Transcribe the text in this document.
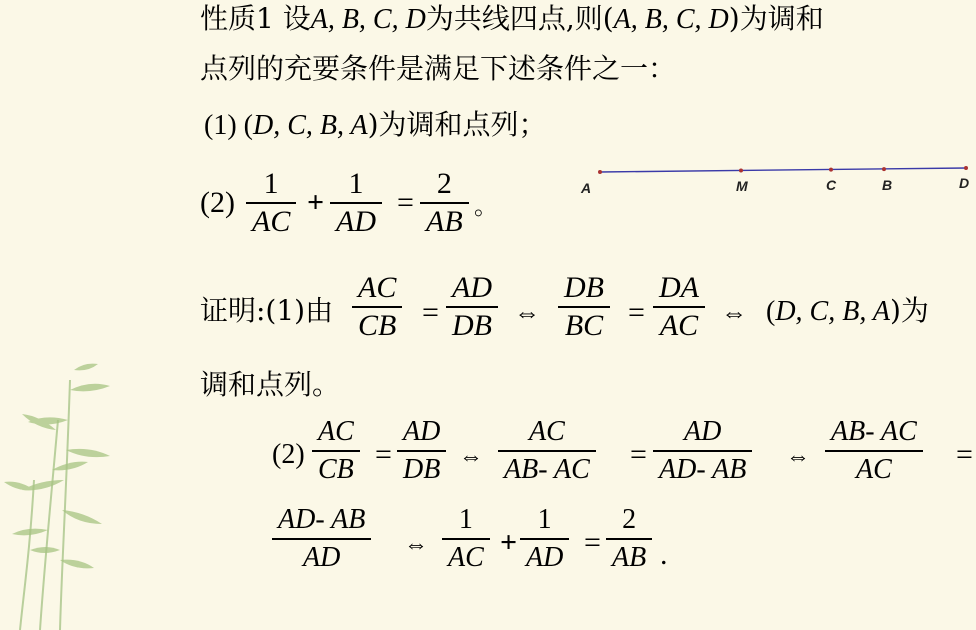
性质1 设A, B, C, D为共线四点,则(A, B, C, D)为调和
点列的充要条件是满足下述条件之一：
(1) (D, C, B, A)为调和点列；
(2)
1
AC
+
1
AD
=
2
AB 。
A	M	C	B	D
证明:(1)由
AC
CB =
AD
DB ⇔
DB
BC =
DA
AC ⇔ (D, C, B, A)为
调和点列。
(2)
AC
CB =
AD
DB ⇔
AC
AB- AC =
AD
AD- AB ⇔
AB- AC
AC =
AD- AB
AD	⇔
1
AC +
1
AD =
2
AB .
